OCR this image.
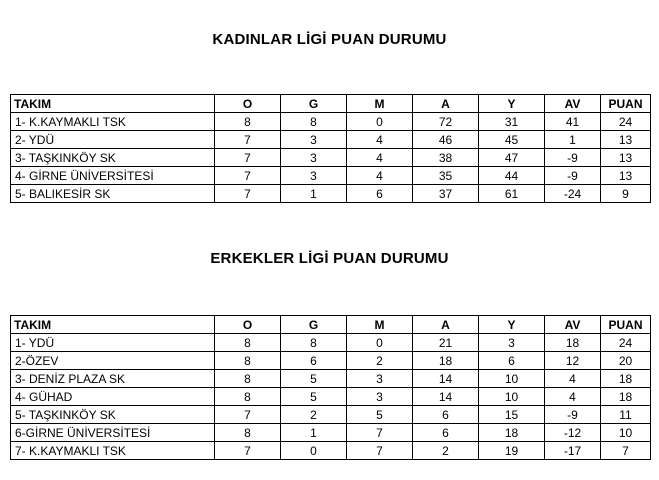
KADINLAR LİGİ PUAN DURUMU
TAKIM	O	G	M	A	Y	AV	PUAN
1- K.KAYMAKLI TSK	8	8	0	72	31	41	24
2- YDÜ	7	3	4	46	45	1	13
3- TAŞKINKÖY SK	7	3	4	38	47	-9	13
4- GİRNE ÜNİVERSİTESİ	7	3	4	35	44	-9	13
5- BALIKESİR SK	7	1	6	37	61	-24	9
ERKEKLER LİGİ PUAN DURUMU
TAKIM	O	G	M	A	Y	AV	PUAN
1- YDÜ	8	8	0	21	3	18	24
2-ÖZEV	8	6	2	18	6	12	20
3- DENİZ PLAZA SK	8	5	3	14	10	4	18
4- GÜHAD	8	5	3	14	10	4	18
5- TAŞKINKÖY SK	7	2	5	6	15	-9	11
6-GİRNE ÜNİVERSİTESİ	8	1	7	6	18	-12	10
7- K.KAYMAKLI TSK	7	0	7	2	19	-17	7
